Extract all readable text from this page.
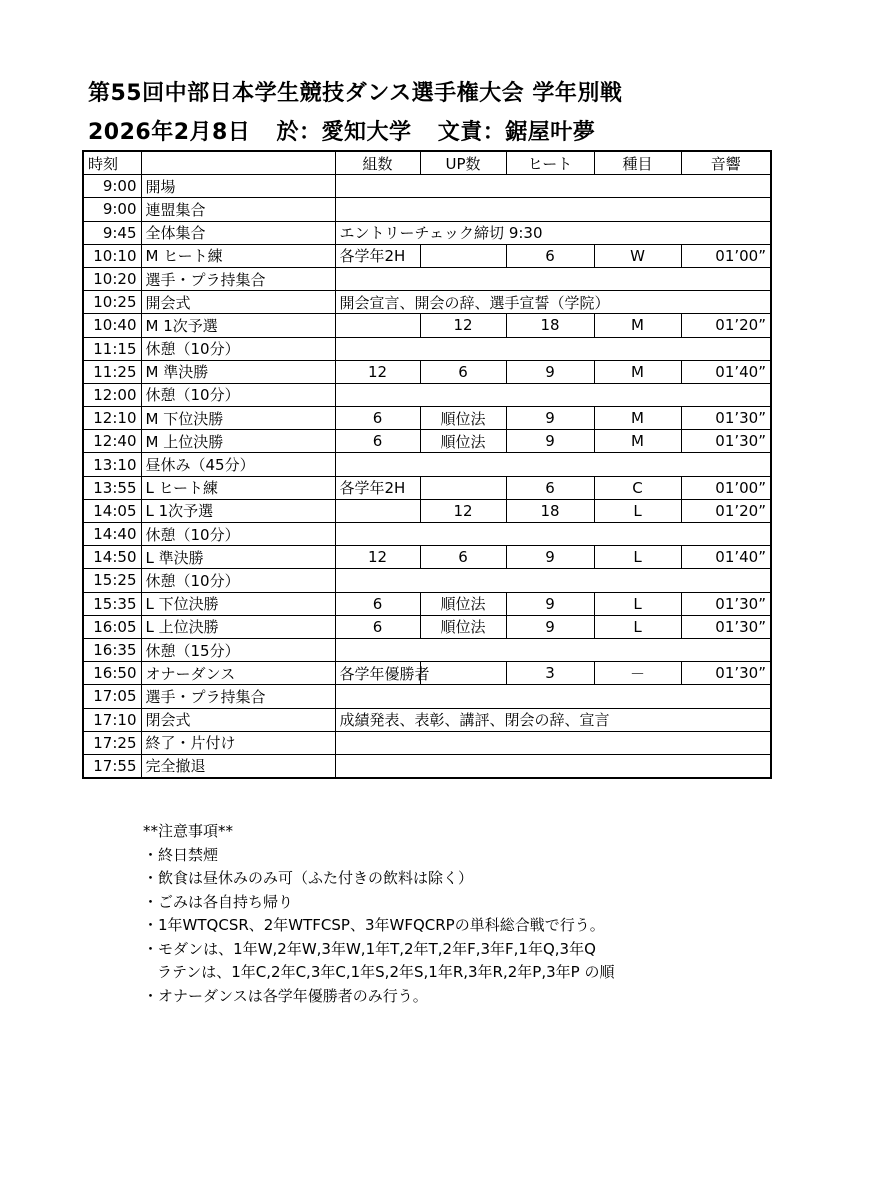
第55回中部日本学生競技ダンス選手権大会 学年別戦
2026年2月8日 於：愛知大学 文責：鋸屋叶夢
時刻		組数	UP数	ヒート	種目	音響
9:00	開場					
9:00	連盟集合					
9:45	全体集合	エントリーチェック締切 9:30				
10:10	M ヒート練	各学年2H		6	W	01’00”
10:20	選手・プラ持集合					
10:25	開会式	開会宣言、開会の辞、選手宣誓（学院）				
10:40	M 1次予選		12	18	M	01’20”
11:15	休憩（10分）					
11:25	M 準決勝	12	6	9	M	01’40”
12:00	休憩（10分）					
12:10	M 下位決勝	6	順位法	9	M	01’30”
12:40	M 上位決勝	6	順位法	9	M	01’30”
13:10	昼休み（45分）					
13:55	L ヒート練	各学年2H		6	C	01’00”
14:05	L 1次予選		12	18	L	01’20”
14:40	休憩（10分）					
14:50	L 準決勝	12	6	9	L	01’40”
15:25	休憩（10分）					
15:35	L 下位決勝	6	順位法	9	L	01’30”
16:05	L 上位決勝	6	順位法	9	L	01’30”
16:35	休憩（15分）					
16:50	オナーダンス	各学年優勝者		3	－	01’30”
17:05	選手・プラ持集合					
17:10	閉会式	成績発表、表彰、講評、閉会の辞、宣言				
17:25	終了・片付け					
17:55	完全撤退					
**注意事項**
・終日禁煙
・飲食は昼休みのみ可（ふた付きの飲料は除く）
・ごみは各自持ち帰り
・1年WTQCSR、2年WTFCSP、3年WFQCRPの単科総合戦で行う。
・モダンは、1年W,2年W,3年W,1年T,2年T,2年F,3年F,1年Q,3年Q
ラテンは、1年C,2年C,3年C,1年S,2年S,1年R,3年R,2年P,3年P の順
・オナーダンスは各学年優勝者のみ行う。
